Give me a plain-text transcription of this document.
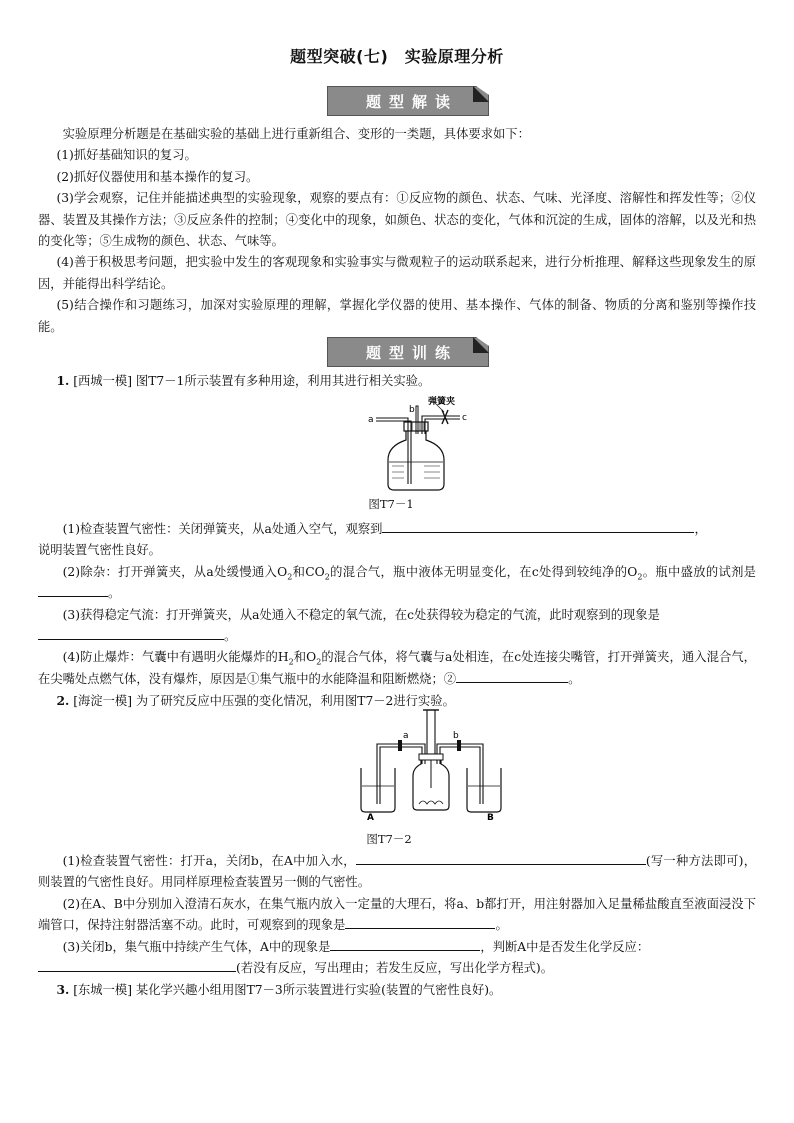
题型突破(七)　实验原理分析
题型解读

实验原理分析题是在基础实验的基础上进行重新组合、变形的一类题，具体要求如下：

(1)抓好基础知识的复习。

(2)抓好仪器使用和基本操作的复习。

(3)学会观察，记住并能描述典型的实验现象，观察的要点有：①反应物的颜色、状态、气味、光泽度、溶解性和挥发性等；②仪器、装置及其操作方法；③反应条件的控制；④变化中的现象，如颜色、状态的变化，气体和沉淀的生成，固体的溶解，以及光和热的变化等；⑤生成物的颜色、状态、气味等。

(4)善于积极思考问题，把实验中发生的客观现象和实验事实与微观粒子的运动联系起来，进行分析推理、解释这些现象发生的原因，并能得出科学结论。

(5)结合操作和习题练习，加深对实验原理的理解，掌握化学仪器的使用、基本操作、气体的制备、物质的分离和鉴别等操作技能。

题型训练

1. [西城一模] 图T7－1所示装置有多种用途，利用其进行相关实验。

a
b
c
弹簧夹
图T7－1

(1)检查装置气密性：关闭弹簧夹，从a处通入空气，观察到	，

说明装置气密性良好。

(2)除杂：打开弹簧夹，从a处缓慢通入$O_2$和$CO_2$的混合气，瓶中液体无明显变化，在c处得到较纯净的$O_2$。瓶中盛放的试剂是。

(3)获得稳定气流：打开弹簧夹，从a处通入不稳定的氧气流，在c处获得较为稳定的气流，此时观察到的现象是

。

(4)防止爆炸：气囊中有遇明火能爆炸的$H_2$和$O_2$的混合气体，将气囊与a处相连，在c处连接尖嘴管，打开弹簧夹，通入混合气，在尖嘴处点燃气体，没有爆炸，原因是①集气瓶中的水能降温和阻断燃烧；②	。

2. [海淀一模] 为了研究反应中压强的变化情况，利用图T7－2进行实验。

a	b
A	B
图T7－2

(1)检查装置气密性：打开a，关闭b，在A中加入水，	(写一种方法即可)，则装置的气密性良好。用同样原理检查装置另一侧的气密性。

(2)在A、B中分别加入澄清石灰水，在集气瓶内放入一定量的大理石，将a、b都打开，用注射器加入足量稀盐酸直至液面浸没下端管口，保持注射器活塞不动。此时，可观察到的现象是	。

(3)关闭b，集气瓶中持续产生气体，A中的现象是	，判断A中是否发生化学反应：

(若没有反应，写出理由；若发生反应，写出化学方程式)。

3. [东城一模] 某化学兴趣小组用图T7－3所示装置进行实验(装置的气密性良好)。
